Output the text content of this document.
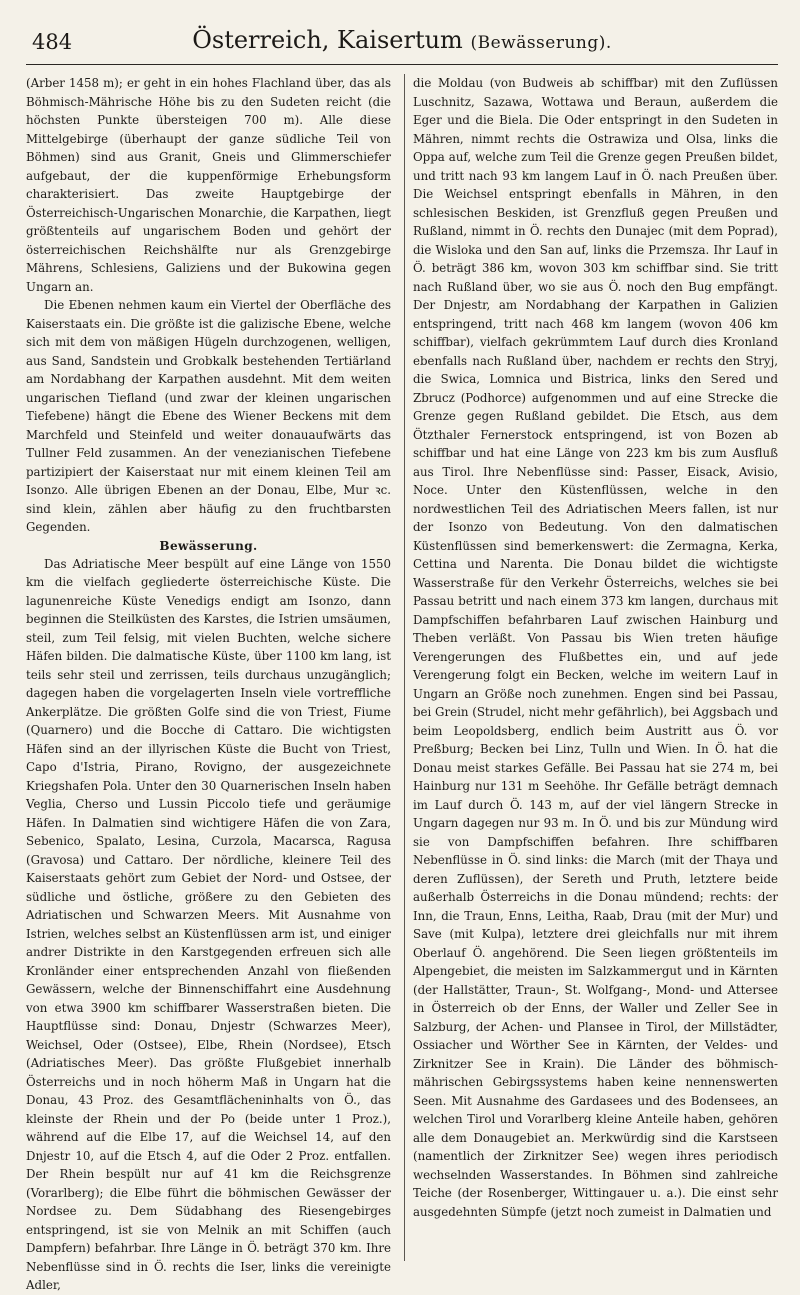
484	Österreich, Kaisertum (Bewässerung).

(Arber 1458 m); er geht in ein hohes Flachland über, das als Böhmisch-Mährische Höhe bis zu den Sudeten reicht (die höchsten Punkte übersteigen 700 m). Alle diese Mittelgebirge (überhaupt der ganze südliche Teil von Böhmen) sind aus Granit, Gneis und Glimmerschiefer aufgebaut, der die kuppenförmige Erhebungsform charakterisiert. Das zweite Hauptgebirge der Österreichisch-Ungarischen Monarchie, die Karpathen, liegt größtenteils auf ungarischem Boden und gehört der österreichischen Reichshälfte nur als Grenzgebirge Mährens, Schlesiens, Galiziens und der Bukowina gegen Ungarn an.

Die Ebenen nehmen kaum ein Viertel der Oberfläche des Kaiserstaats ein. Die größte ist die galizische Ebene, welche sich mit dem von mäßigen Hügeln durchzogenen, welligen, aus Sand, Sandstein und Grobkalk bestehenden Tertiärland am Nordabhang der Karpathen ausdehnt. Mit dem weiten ungarischen Tiefland (und zwar der kleinen ungarischen Tiefebene) hängt die Ebene des Wiener Beckens mit dem Marchfeld und Steinfeld und weiter donauaufwärts das Tullner Feld zusammen. An der venezianischen Tiefebene partizipiert der Kaiserstaat nur mit einem kleinen Teil am Isonzo. Alle übrigen Ebenen an der Donau, Elbe, Mur ꝛc. sind klein, zählen aber häufig zu den fruchtbarsten Gegenden.

Bewässerung.

Das Adriatische Meer bespült auf eine Länge von 1550 km die vielfach gegliederte österreichische Küste. Die lagunenreiche Küste Venedigs endigt am Isonzo, dann beginnen die Steilküsten des Karstes, die Istrien umsäumen, steil, zum Teil felsig, mit vielen Buchten, welche sichere Häfen bilden. Die dalmatische Küste, über 1100 km lang, ist teils sehr steil und zerrissen, teils durchaus unzugänglich; dagegen haben die vorgelagerten Inseln viele vortreffliche Ankerplätze. Die größten Golfe sind die von Triest, Fiume (Quarnero) und die Bocche di Cattaro. Die wichtigsten Häfen sind an der illyrischen Küste die Bucht von Triest, Capo d'Istria, Pirano, Rovigno, der ausgezeichnete Kriegshafen Pola. Unter den 30 Quarnerischen Inseln haben Veglia, Cherso und Lussin Piccolo tiefe und geräumige Häfen. In Dalmatien sind wichtigere Häfen die von Zara, Sebenico, Spalato, Lesina, Curzola, Macarsca, Ragusa (Gravosa) und Cattaro. Der nördliche, kleinere Teil des Kaiserstaats gehört zum Gebiet der Nord- und Ostsee, der südliche und östliche, größere zu den Gebieten des Adriatischen und Schwarzen Meers. Mit Ausnahme von Istrien, welches selbst an Küstenflüssen arm ist, und einiger andrer Distrikte in den Karstgegenden erfreuen sich alle Kronländer einer entsprechenden Anzahl von fließenden Gewässern, welche der Binnenschiffahrt eine Ausdehnung von etwa 3900 km schiffbarer Wasserstraßen bieten. Die Hauptflüsse sind: Donau, Dnjestr (Schwarzes Meer), Weichsel, Oder (Ostsee), Elbe, Rhein (Nordsee), Etsch (Adriatisches Meer). Das größte Flußgebiet innerhalb Österreichs und in noch höherm Maß in Ungarn hat die Donau, 43 Proz. des Gesamtflächeninhalts von Ö., das kleinste der Rhein und der Po (beide unter 1 Proz.), während auf die Elbe 17, auf die Weichsel 14, auf den Dnjestr 10, auf die Etsch 4, auf die Oder 2 Proz. entfallen. Der Rhein bespült nur auf 41 km die Reichsgrenze (Vorarlberg); die Elbe führt die böhmischen Gewässer der Nordsee zu. Dem Südabhang des Riesengebirges entspringend, ist sie von Melnik an mit Schiffen (auch Dampfern) befahrbar. Ihre Länge in Ö. beträgt 370 km. Ihre Nebenflüsse sind in Ö. rechts die Iser, links die vereinigte Adler,

die Moldau (von Budweis ab schiffbar) mit den Zuflüssen Luschnitz, Sazawa, Wottawa und Beraun, außerdem die Eger und die Biela. Die Oder entspringt in den Sudeten in Mähren, nimmt rechts die Ostrawiza und Olsa, links die Oppa auf, welche zum Teil die Grenze gegen Preußen bildet, und tritt nach 93 km langem Lauf in Ö. nach Preußen über. Die Weichsel entspringt ebenfalls in Mähren, in den schlesischen Beskiden, ist Grenzfluß gegen Preußen und Rußland, nimmt in Ö. rechts den Dunajec (mit dem Poprad), die Wisloka und den San auf, links die Przemsza. Ihr Lauf in Ö. beträgt 386 km, wovon 303 km schiffbar sind. Sie tritt nach Rußland über, wo sie aus Ö. noch den Bug empfängt. Der Dnjestr, am Nordabhang der Karpathen in Galizien entspringend, tritt nach 468 km langem (wovon 406 km schiffbar), vielfach gekrümmtem Lauf durch dies Kronland ebenfalls nach Rußland über, nachdem er rechts den Stryj, die Swica, Lomnica und Bistrica, links den Sered und Zbrucz (Podhorce) aufgenommen und auf eine Strecke die Grenze gegen Rußland gebildet. Die Etsch, aus dem Ötzthaler Fernerstock entspringend, ist von Bozen ab schiffbar und hat eine Länge von 223 km bis zum Ausfluß aus Tirol. Ihre Nebenflüsse sind: Passer, Eisack, Avisio, Noce. Unter den Küstenflüssen, welche in den nordwestlichen Teil des Adriatischen Meers fallen, ist nur der Isonzo von Bedeutung. Von den dalmatischen Küstenflüssen sind bemerkenswert: die Zermagna, Kerka, Cettina und Narenta. Die Donau bildet die wichtigste Wasserstraße für den Verkehr Österreichs, welches sie bei Passau betritt und nach einem 373 km langen, durchaus mit Dampfschiffen befahrbaren Lauf zwischen Hainburg und Theben verläßt. Von Passau bis Wien treten häufige Verengerungen des Flußbettes ein, und auf jede Verengerung folgt ein Becken, welche im weitern Lauf in Ungarn an Größe noch zunehmen. Engen sind bei Passau, bei Grein (Strudel, nicht mehr gefährlich), bei Aggsbach und beim Leopoldsberg, endlich beim Austritt aus Ö. vor Preßburg; Becken bei Linz, Tulln und Wien. In Ö. hat die Donau meist starkes Gefälle. Bei Passau hat sie 274 m, bei Hainburg nur 131 m Seehöhe. Ihr Gefälle beträgt demnach im Lauf durch Ö. 143 m, auf der viel längern Strecke in Ungarn dagegen nur 93 m. In Ö. und bis zur Mündung wird sie von Dampfschiffen befahren. Ihre schiffbaren Nebenflüsse in Ö. sind links: die March (mit der Thaya und deren Zuflüssen), der Sereth und Pruth, letztere beide außerhalb Österreichs in die Donau mündend; rechts: der Inn, die Traun, Enns, Leitha, Raab, Drau (mit der Mur) und Save (mit Kulpa), letztere drei gleichfalls nur mit ihrem Oberlauf Ö. angehörend. Die Seen liegen größtenteils im Alpengebiet, die meisten im Salzkammergut und in Kärnten (der Hallstätter, Traun-, St. Wolfgang-, Mond- und Attersee in Österreich ob der Enns, der Waller und Zeller See in Salzburg, der Achen- und Plansee in Tirol, der Millstädter, Ossiacher und Wörther See in Kärnten, der Veldes- und Zirknitzer See in Krain). Die Länder des böhmisch-mährischen Gebirgssystems haben keine nennenswerten Seen. Mit Ausnahme des Gardasees und des Bodensees, an welchen Tirol und Vorarlberg kleine Anteile haben, gehören alle dem Donaugebiet an. Merkwürdig sind die Karstseen (namentlich der Zirknitzer See) wegen ihres periodisch wechselnden Wasserstandes. In Böhmen sind zahlreiche Teiche (der Rosenberger, Wittingauer u. a.). Die einst sehr ausgedehnten Sümpfe (jetzt noch zumeist in Dalmatien und
